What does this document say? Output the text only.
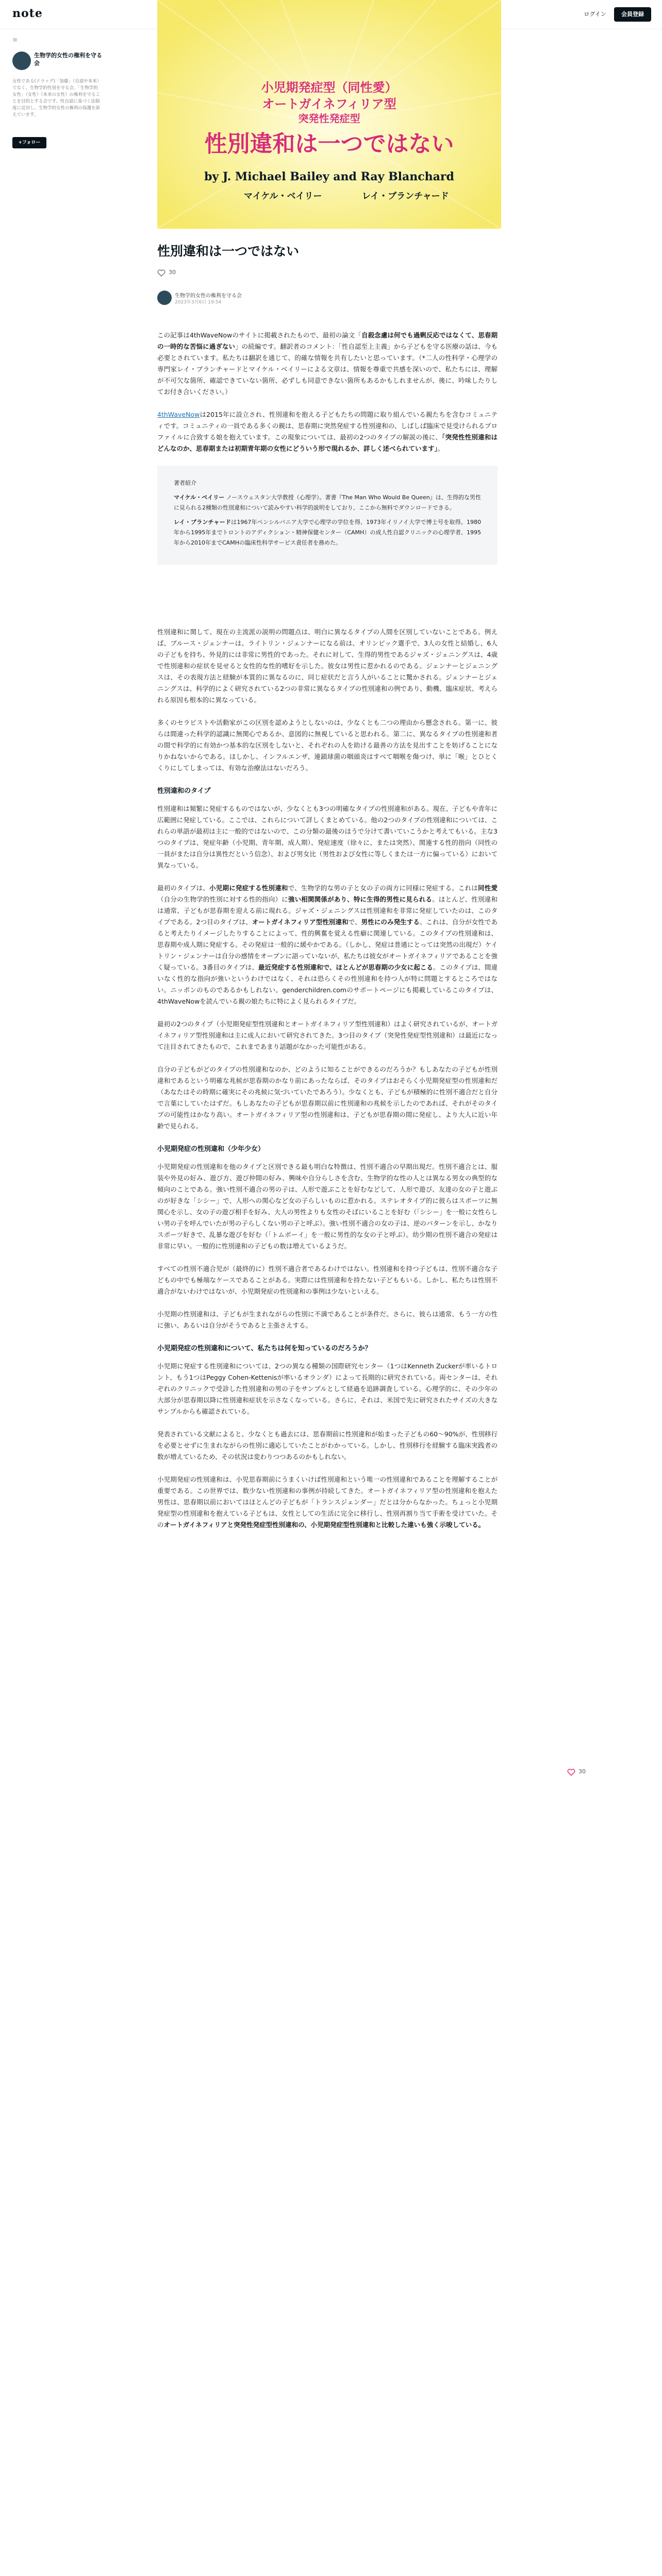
note
キーワードやクリエイターで検索	ログイン	会員登録
≡
生物学的女性の権利を守る会
女性である(ドラァグ)「加藤」（自認や本来）でなく、生物学的性別を守る会。「生物学的女性」（女性）（本来の女性）の権利を守ることを目的とする会です。性自認に基づく法制度に反対し、生物学的女性の権利の保護を訴えています。
+フォロー
小児期発症型（同性愛）
オートガイネフィリア型
突発性発症型
性別違和は一つではない
by J. Michael Bailey and Ray Blanchard
マイケル・ベイリー	レイ・ブランチャード
性別違和は一つではない
30
生物学的女性の権利を守る会
2023年3月6日 19:54

この記事は4thWaveNowのサイトに掲載されたもので、最初の論文「自殺念慮は何でも過剰反応ではなくて、思春期の一時的な苦悩に過ぎない」の続編です。翻訳者のコメント：「性自認至上主義」から子どもを守る医療の話は、今も必要とされています。私たちは翻訳を通じて、的確な情報を共有したいと思っています。（*二人の性科学・心理学の専門家レイ・ブランチャードとマイケル・ベイリーによる文章は、情報を尊重で共感を深いので、私たちには、理解が不可欠な箇所、確認できていない箇所、必ずしも同意できない箇所もあるかもしれませんが、後に、吟味したりしてお付き合いください。）

4thWaveNowは2015年に設立され、性別違和を抱える子どもたちの問題に取り組んでいる親たちを含むコミュニティです。コミュニティの一員である多くの親は、思春期に突然発症する性別違和の、しばしば臨床で見受けられるプロファイルに合致する娘を抱えています。この現象については、最初の2つのタイプの解説の後に、「突発性性別違和はどんなのか、思春期または初期青年期の女性にどういう形で現れるか、詳しく述べられています」。

著者紹介

マイケル・ベイリー ノースウェスタン大学教授（心理学）。著書『The Man Who Would Be Queen』は、生得的な男性に見られる2種類の性別違和について読みやすい科学的説明をしており、ここから無料でダウンロードできる。

レイ・ブランチャードは1967年ペンシルバニア大学で心理学の学位を得、1973年イリノイ大学で博士号を取得。1980年から1995年までトロントのアディクション・精神保健センター（CAMH）の成人性自認クリニックの心理学者、1995年から2010年までCAMHの臨床性科学サービス責任者を務めた。

性別違和に関して、現在の主流派の説明の問題点は、明白に異なるタイプの人間を区別していないことである。例えば、ブルース・ジェンナーは、ライトリン・ジェンナーになる前は、オリンピック選手で、3人の女性と結婚し、6人の子どもを持ち、外見的には非常に男性的であった。それに対して、生得的男性であるジャズ・ジェニングスは、4歳で性別違和の症状を見せると女性的な性的嗜好を示した。彼女は男性に惹かれるのである。ジェンナーとジェニングスは、その表現方法と経験が本質的に異なるのに、同じ症状だと言う人がいることに驚かされる。ジェンナーとジェニングスは、科学的によく研究されている2つの非常に異なるタイプの性別違和の例であり、動機、臨床症状、考えられる原因も根本的に異なっている。

多くのセラピストや活動家がこの区別を認めようとしないのは、少なくとも二つの理由から懸念される。第一に、彼らは間違った科学的認識に無関心であるか、意図的に無視していると思われる。第二に、異なるタイプの性別違和者の間で科学的に有効かつ基本的な区別をしないと、それぞれの人を助ける最善の方法を見出すことを妨げることになりかねないからである。ほしかし、インフルエンザ、連鎖球菌の咽頭炎はすべて咽喉を傷つけ、単に「喉」とひとくくりにしてしまっては、有効な治療法はないだろう。

性別違和のタイプ

性別違和は頻繁に発症するものではないが、少なくとも3つの明確なタイプの性別違和がある。現在、子どもや青年に広範囲に発症している。ここでは、これらについて詳しくまとめている。他の2つのタイプの性別違和については、これらの単語が最初は主に一般的ではないので、この分類の最後のほうで分けて書いていこうかと考えてもいる。主な3つのタイプは、発症年齢（小児期、青年期、成人期）、発症速度（徐々に、または突然）、関連する性的指向（同性の一員がまたは自分は異性だという信念）、および男女比（男性および女性に等しくまたは一方に偏っている）において異なっている。

最初のタイプは、小児期に発症する性別違和で、生物学的な男の子と女の子の両方に同様に発症する。これは同性愛（自分の生物学的性別に対する性的指向）に強い相関関係があり、特に生得的男性に見られる。ほとんど、性別違和は通常、子どもが思春期を迎える前に現れる。ジャズ・ジェニングスは性別違和を非常に発症していたのは、このタイプである。2つ目のタイプは、オートガイネフィリア型性別違和で、男性にのみ発生する。これは、自分が女性であると考えたりイメージしたりすることによって、性的興奮を覚える性癖に関連している。このタイプの性別違和は、思春期や成人期に発症する。その発症は一般的に緩やかである。（しかし、発症は普通にとっては突然の出現だ）ケイトリン・ジェンナーは自分の感情をオープンに語っていないが、私たちは彼女がオートガイネフィリアであることを強く疑っている。3番目のタイプは、最近発症する性別違和で、ほとんどが思春期の少女に起こる。このタイプは、間違いなく性的な指向が強いというわけではなく、それは恐らくその性別違和を持つ人が特に問題とするところではない。ニッポンのものであるかもしれない。genderchildren.comのサポートページにも掲載しているこのタイプは、4thWaveNowを読んでいる親の娘たちに特によく見られるタイプだ。

最初の2つのタイプ（小児期発症型性別違和とオートガイネフィリア型性別違和）はよく研究されているが、オートガイネフィリア型性別違和は主に成人において研究されてきた。3つ目のタイプ（突発性発症型性別違和）は最近になって注目されてきたもので、これまであまり話題がなかった可能性がある。

自分の子どもがどのタイプの性別違和なのか、どのように知ることができるのだろうか？もしあなたの子どもが性別違和であるという明確な兆候が思春期のかなり前にあったならば、そのタイプはおそらく小児期発症型の性別違和だ（あなたはその時期に確実にその兆候に気づいていたであろう）。少なくとも、子どもが積極的に性別不適合だと自分で言葉にしていたはずだ。もしあなたの子どもが思春期以前に性別違和の兆候を示したのであれば、それがそのタイプの可能性はかなり高い。オートガイネフィリア型の性別違和は、子どもが思春期の間に発症し、より大人に近い年齢で見られる。

小児期発症の性別違和（少年少女）

小児期発症の性別違和を他のタイプと区別できる最も明白な特徴は、性別不適合の早期出現だ。性別不適合とは、服装や外見の好み、遊び方、遊び仲間の好み、興味や自分らしさを含む、生物学的な性の人とは異なる男女の典型的な傾向のことである。強い性別不適合の男の子は、人形で遊ぶことを好むなどして、人形で遊び、友達の女の子と遊ぶのが好きな「シシー」で、人形への関心など女の子らしいものに惹かれる。ステレオタイプ的に彼らはスポーツに無関心を示し、女の子の遊び相手を好み、大人の男性よりも女性のそばにいることを好む（「シシー」を一般に女性らしい男の子を呼んでいたが男の子らしくない男の子と呼ぶ）。強い性別不適合の女の子は、逆のパターンを示し、かなりスポーツ好きで、乱暴な遊びを好む（「トムボーイ」を一般に男性的な女の子と呼ぶ）。幼少期の性別不適合の発症は非常に早い。一般的に性別違和の子どもの数は増えているようだ。

すべての性別不適合児が（最終的に）性別不適合者であるわけではない。性別違和を持つ子どもは、性別不適合な子どもの中でも極端なケースであることがある。実際には性別違和を持たない子どももいる。しかし、私たちは性別不適合がないわけではないが、小児期発症の性別違和の事例は少ないといえる。

小児期の性別違和は、子どもが生まれながらの性別に不満であることが条件だ。さらに、彼らは通常、もう一方の性に強い、あるいは自分がそうであると主張さえする。

小児期発症の性別違和について、私たちは何を知っているのだろうか？

小児期に発症する性別違和については、2つの異なる種類の国際研究センター（1つはKenneth Zuckerが率いるトロント、もう1つはPeggy Cohen-Kettenisが率いるオランダ）によって長期的に研究されている。両センターは、それぞれのクリニックで受診した性別違和の男の子をサンプルとして経過を追跡調査している。心理学的に、その少年の大部分が思春期以降に性別違和症状を示さなくなっている。さらに、それは、米国で先に研究されたサイズの大きなサンプルからも確認されている。

発表されている文献によると、少なくとも過去には、思春期前に性別違和が始まった子どもの60〜90%が、性別移行を必要とせずに生まれながらの性別に適応していたことがわかっている。しかし、性別移行を経験する臨床実践者の数が増えているため、その状況は変わりつつあるのかもしれない。

小児期発症の性別違和は、小児思春期前にうまくいけば性別違和という唯一の性別違和であることを理解することが重要である。この世界では、数少ない性別違和の事例が持続してきた。オートガイネフィリア型の性別違和を抱えた男性は、思春期以前においてはほとんどの子どもが「トランスジェンダー」だとは分からなかった。ちょっと小児期発症型の性別違和を抱えている子どもは、女性としての生活に完全に移行し、性別再割り当て手術を受けていた。そのオートガイネフィリアと突発性発症型性別違和の、小児期発症型性別違和と比較した違いも強く示唆している。

30
